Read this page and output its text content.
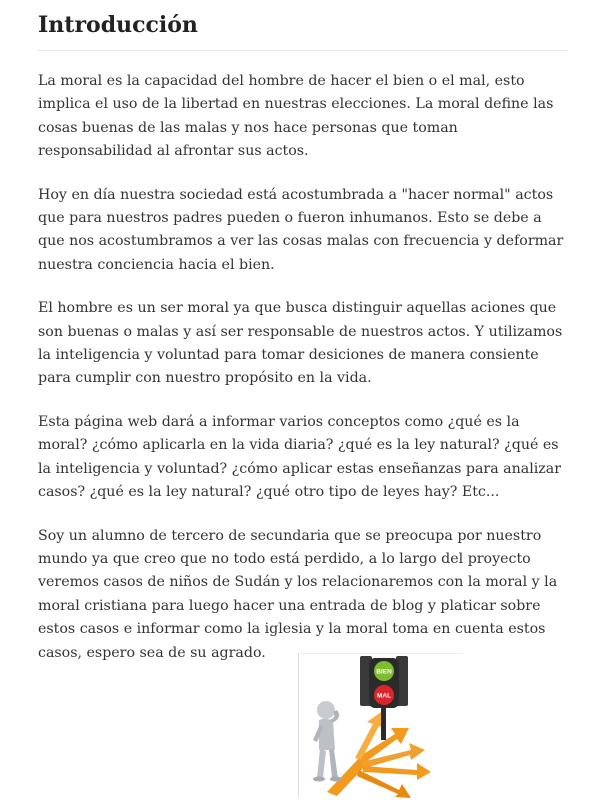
Introducción

La moral es la capacidad del hombre de hacer el bien o el mal, esto implica el uso de la libertad en nuestras elecciones. La moral define las cosas buenas de las malas y nos hace personas que toman responsabilidad al afrontar sus actos.

Hoy en día nuestra sociedad está acostumbrada a "hacer normal" actos que para nuestros padres pueden o fueron inhumanos. Esto se debe a que nos acostumbramos a ver las cosas malas con frecuencia y deformar nuestra conciencia hacia el bien.

El hombre es un ser moral ya que busca distinguir aquellas aciones que son buenas o malas y así ser responsable de nuestros actos. Y utilizamos la inteligencia y voluntad para tomar desiciones de manera consiente para cumplir con nuestro propósito en la vida.

Esta página web dará a informar varios conceptos como ¿qué es la moral? ¿cómo aplicarla en la vida diaria? ¿qué es la ley natural? ¿qué es la inteligencia y voluntad? ¿cómo aplicar estas enseñanzas para analizar casos? ¿qué es la ley natural? ¿qué otro tipo de leyes hay? Etc...

Soy un alumno de tercero de secundaria que se preocupa por nuestro mundo ya que creo que no todo está perdido, a lo largo del proyecto veremos casos de niños de Sudán y los relacionaremos con la moral y la moral cristiana para luego hacer una entrada de blog y platicar sobre estos casos e informar como la iglesia y la moral toma en cuenta estos casos, espero sea de su agrado.

BIEN
MAL
